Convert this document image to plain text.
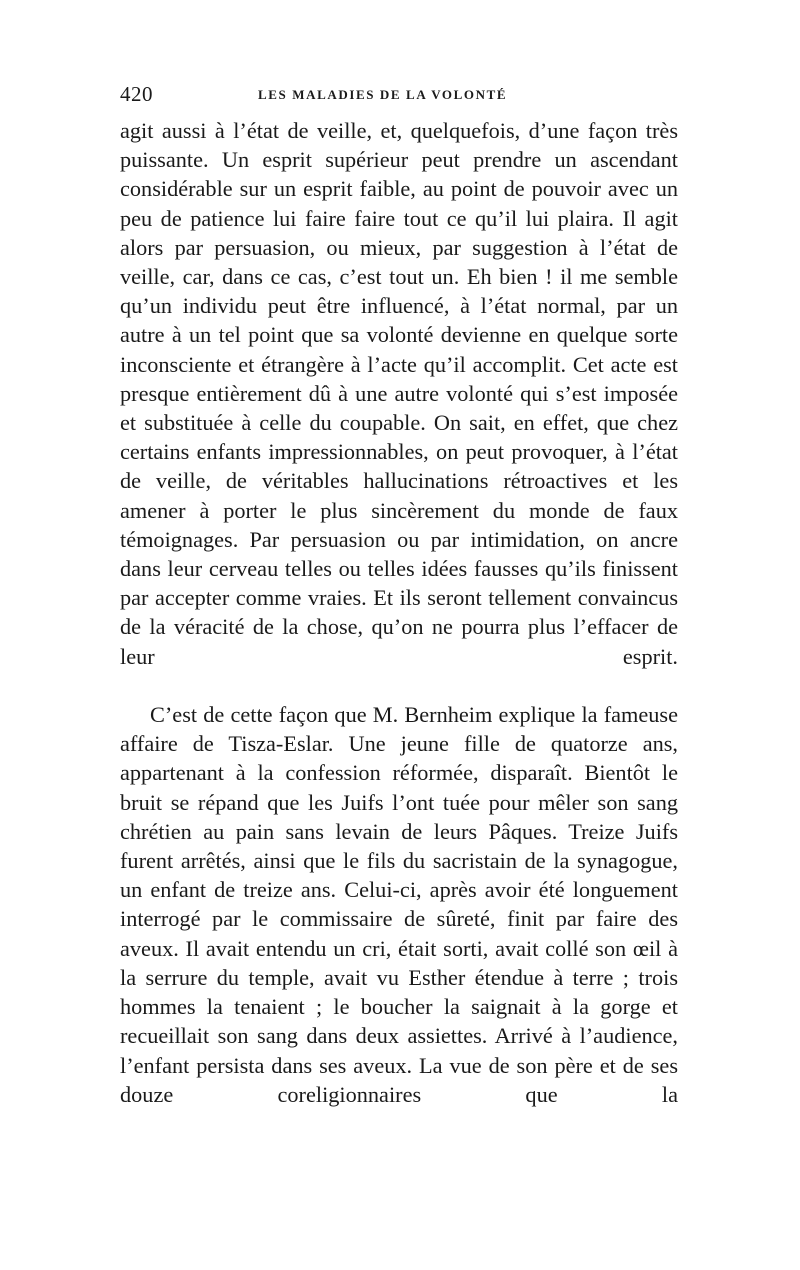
420	LES MALADIES DE LA VOLONTÉ

agit aussi à l’état de veille, et, quelquefois, d’une façon très puissante. Un esprit supérieur peut prendre un ascendant considérable sur un esprit faible, au point de pouvoir avec un peu de patience lui faire faire tout ce qu’il lui plaira. Il agit alors par persuasion, ou mieux, par suggestion à l’état de veille, car, dans ce cas, c’est tout un. Eh bien ! il me semble qu’un individu peut être influencé, à l’état normal, par un autre à un tel point que sa volonté devienne en quelque sorte inconsciente et étrangère à l’acte qu’il accomplit. Cet acte est presque entièrement dû à une autre volonté qui s’est imposée et substituée à celle du coupable. On sait, en effet, que chez certains enfants impressionnables, on peut provoquer, à l’état de veille, de véritables hallucinations rétroactives et les amener à porter le plus sincèrement du monde de faux témoignages. Par persuasion ou par intimidation, on ancre dans leur cerveau telles ou telles idées fausses qu’ils finissent par accepter comme vraies. Et ils seront tellement convaincus de la véracité de la chose, qu’on ne pourra plus l’effacer de leur esprit.

C’est de cette façon que M. Bernheim explique la fameuse affaire de Tisza-Eslar. Une jeune fille de quatorze ans, appartenant à la confession réformée, disparaît. Bientôt le bruit se répand que les Juifs l’ont tuée pour mêler son sang chrétien au pain sans levain de leurs Pâques. Treize Juifs furent arrêtés, ainsi que le fils du sacristain de la synagogue, un enfant de treize ans. Celui-ci, après avoir été longuement interrogé par le commissaire de sûreté, finit par faire des aveux. Il avait entendu un cri, était sorti, avait collé son œil à la serrure du temple, avait vu Esther étendue à terre ; trois hommes la tenaient ; le boucher la saignait à la gorge et recueillait son sang dans deux assiettes. Arrivé à l’audience, l’enfant persista dans ses aveux. La vue de son père et de ses douze coreligionnaires que la
